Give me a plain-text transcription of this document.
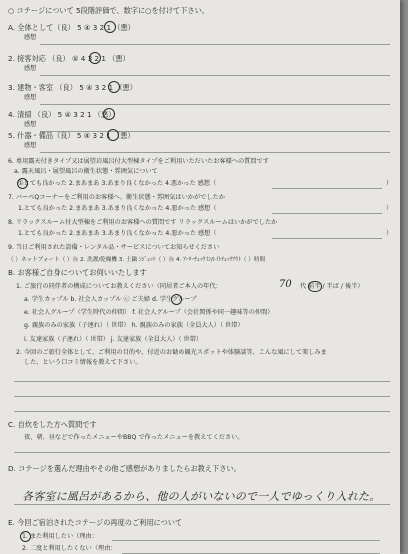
○ コテージについて 5段階評価で、数字に○を付けて下さい。
A. 全体として（良） 5 ④ 3 2 1 （悪）
感想
2. 接客対応 （良） ⑤ 4 3 2 1 （悪）
感想
3. 建物・客室 （良） 5 ④ 3 2 1 （悪）
感想
4. 清掃 （良） 5 ④ 3 2 1 （悪）
感想
5. 什器・備品（良） 5 ④ 3 2 1 （悪）
感想
6. 専用露天付きタイプ又は展望岩風呂付大型棟タイプをご利用いただいたお客様への質問です
a. 露天風呂・展望風呂の衛生状態・雰囲気について
①とても良かった 2.まあまあ 3.あまり良くなかった 4.悪かった 感想（	）
7. バーベQコーナーをご利用のお客様へ、衛生状態・雰囲気はいかがでしたか
1.とても良かった 2.まあまあ 3.あまり良くなかった 4.悪かった 感想（	）
8. リラックスルーム付大型棟をご利用のお客様への質問です リラックスルームはいかがでしたか
1.とても良かった 2.まあまあ 3.あまり良くなかった 4.悪かった 感想（	）
9. 当日ご利用された設備・レンタル品・サービスについてお知らせください
（ ）ネットブォート（ ）台 2. 洗濯/乾燥機 3. 土鍋 ﾝｼﾞｪｯﾄ（ ）台 4. ｱｰﾘｰﾁｪｯｸｲﾝ/ﾚｲﾄﾁｪｯｸｱｳﾄ（ ）時間
B. お客様ご自身についてお伺いいたします
1. ご旅行の同伴者の構成についてお教えください（同居者ご本人の年代：	70 代 前半 / 半ば / 後半）
a. 学生カップル b. 社会人カップル ⓒ ご夫婦 d. 学生グループ
e. 社会人グループ（学生時代の仲間） f. 社会人グループ（会社関係や同一趣味等の仲間）
g. 親族のみの家族（子連れ）（ 世帯） h. 親族のみの家族（全員大人）（ 世帯）
i. 友達家族（子連れ）（ 世帯） j. 友達家族（全員大人）（ 世帯）
2. 今回のご旅行全体として、ご利用の目的や、付近のお勧め観光スポットや体験談等、こんな風にして楽しみま
した、という口コミ情報を教えて下さい。
C. 自炊をした方へ質問です
夜、朝、昼などで作ったメニューやBBQ で作ったメニューを教えてください。
D. コテージを選んだ理由やその他ご感想がありましたらお教え下さい。
各客室に風呂があるから、他の人がいないので一人でゆっくり入れた。
E. 今回ご宿泊されたコテージの再度のご利用について
1. また利用したい（理由：
2. 二度と利用したくない（理由：
